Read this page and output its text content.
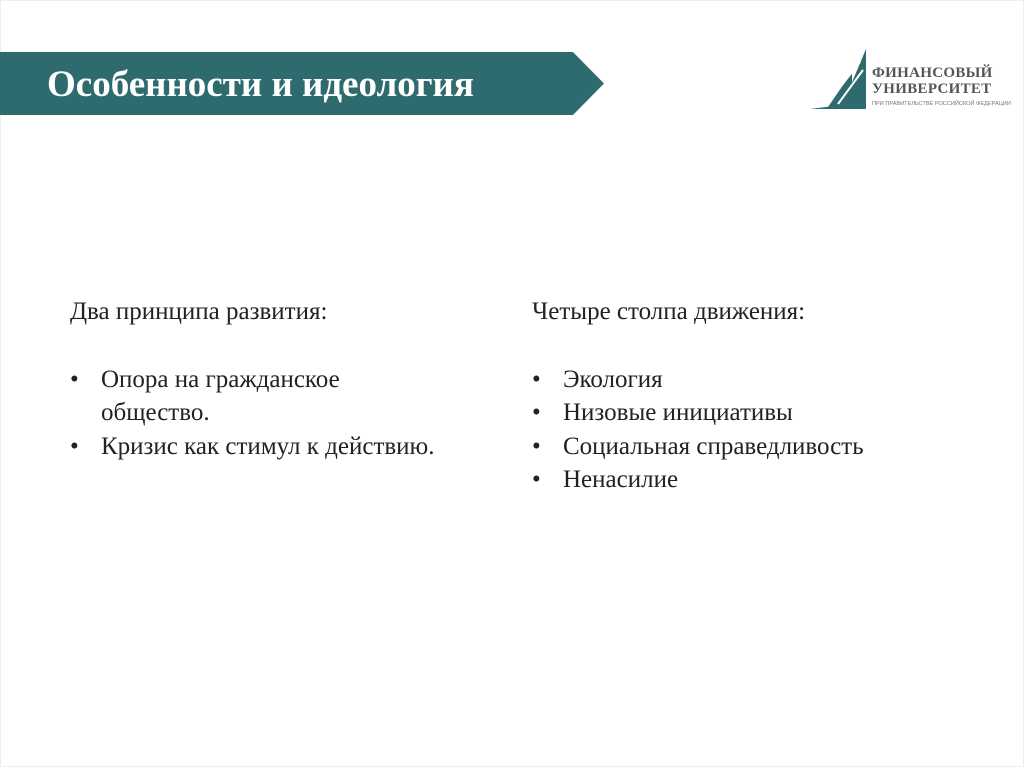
Особенности и идеология	ФИНАНСОВЫЙ
УНИВЕРСИТЕТ
ПРИ ПРАВИТЕЛЬСТВЕ РОССИЙСКОЙ ФЕДЕРАЦИИ

Два принципа развития:

• Опора на гражданское общество.
• Кризис как стимул к действию.

Четыре столпа движения:

• Экология
• Низовые инициативы
• Социальная справедливость
• Ненасилие
